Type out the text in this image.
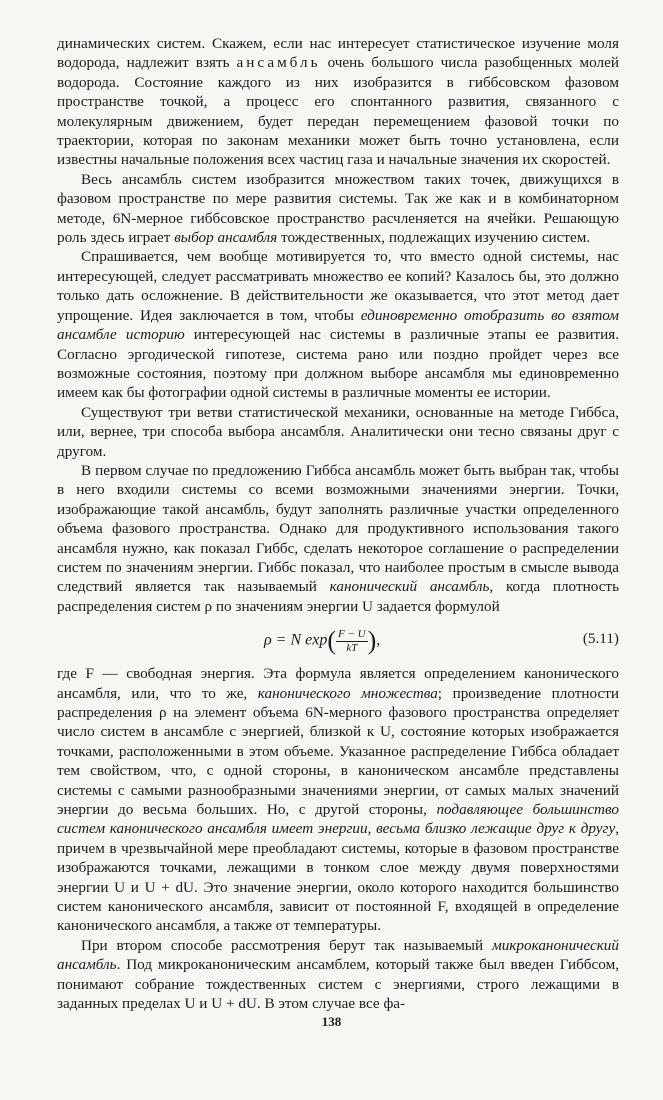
динамических систем. Скажем, если нас интересует статистическое изучение моля водорода, надлежит взять ансамбль очень большого числа разобщенных молей водорода. Состояние каждого из них изобразится в гиббсовском фазовом пространстве точкой, а процесс его спонтанного развития, связанного с молекулярным движением, будет передан перемещением фазовой точки по траектории, которая по законам механики может быть точно установлена, если известны начальные положения всех частиц газа и начальные значения их скоростей.

Весь ансамбль систем изобразится множеством таких точек, движущихся в фазовом пространстве по мере развития системы. Так же как и в комбинаторном методе, 6N-мерное гиббсовское пространство расчленяется на ячейки. Решающую роль здесь играет выбор ансамбля тождественных, подлежащих изучению систем.

Спрашивается, чем вообще мотивируется то, что вместо одной системы, нас интересующей, следует рассматривать множество ее копий? Казалось бы, это должно только дать осложнение. В действительности же оказывается, что этот метод дает упрощение. Идея заключается в том, чтобы единовременно отобразить во взятом ансамбле историю интересующей нас системы в различные этапы ее развития. Согласно эргодической гипотезе, система рано или поздно пройдет через все возможные состояния, поэтому при должном выборе ансамбля мы единовременно имеем как бы фотографии одной системы в различные моменты ее истории.

Существуют три ветви статистической механики, основанные на методе Гиббса, или, вернее, три способа выбора ансамбля. Аналитически они тесно связаны друг с другом.

В первом случае по предложению Гиббса ансамбль может быть выбран так, чтобы в него входили системы со всеми возможными значениями энергии. Точки, изображающие такой ансамбль, будут заполнять различные участки определенного объема фазового пространства. Однако для продуктивного использования такого ансамбля нужно, как показал Гиббс, сделать некоторое соглашение о распределении систем по значениям энергии. Гиббс показал, что наиболее простым в смысле вывода следствий является так называемый канонический ансамбль, когда плотность распределения систем ρ по значениям энергии U задается формулой

ρ = N $\exp( \frac{F - U}{kT}$ ),	(5.11)

где F — свободная энергия. Эта формула является определением канонического ансамбля, или, что то же, канонического множества; произведение плотности распределения ρ на элемент объема 6N-мерного фазового пространства определяет число систем в ансамбле с энергией, близкой к U, состояние которых изображается точками, расположенными в этом объеме. Указанное распределение Гиббса обладает тем свойством, что, с одной стороны, в каноническом ансамбле представлены системы с самыми разнообразными значениями энергии, от самых малых значений энергии до весьма больших. Но, с другой стороны, подавляющее большинство систем канонического ансамбля имеет энергии, весьма близко лежащие друг к другу, причем в чрезвычайной мере преобладают системы, которые в фазовом пространстве изображаются точками, лежащими в тонком слое между двумя поверхностями энергии U и U + dU. Это значение энергии, около которого находится большинство систем канонического ансамбля, зависит от постоянной F, входящей в определение канонического ансамбля, а также от температуры.

При втором способе рассмотрения берут так называемый микроканонический ансамбль. Под микроканоническим ансамблем, который также был введен Гиббсом, понимают собрание тождественных систем с энергиями, строго лежащими в заданных пределах U и U + dU. В этом случае все фа-

138
